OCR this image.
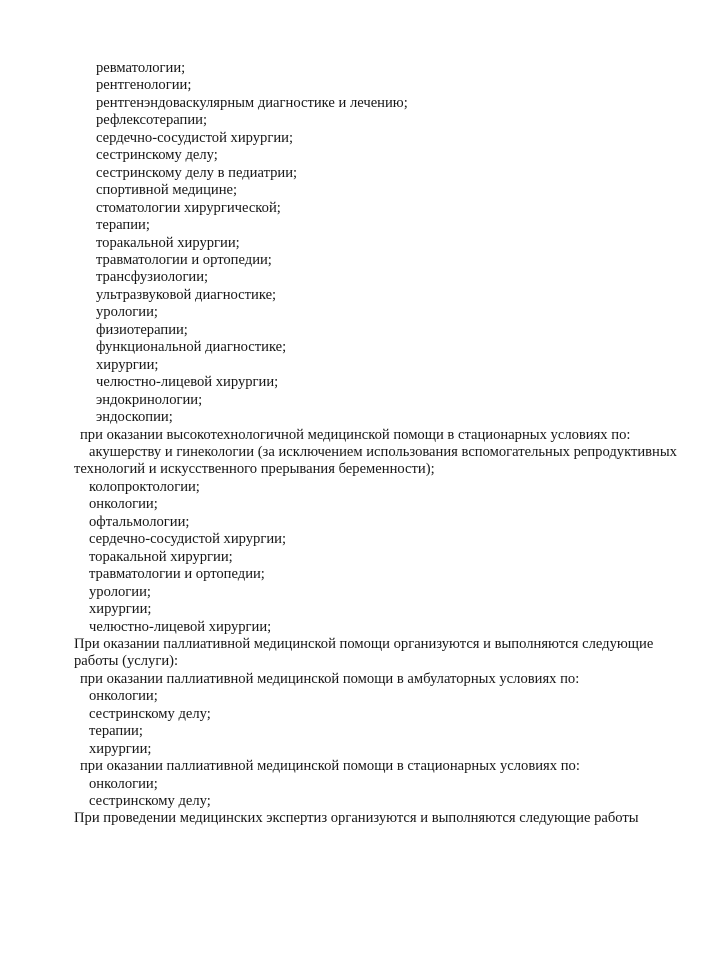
ревматологии;
рентгенологии;
рентгенэндоваскулярным диагностике и лечению;
рефлексотерапии;
сердечно-сосудистой хирургии;
сестринскому делу;
сестринскому делу в педиатрии;
спортивной медицине;
стоматологии хирургической;
терапии;
торакальной хирургии;
травматологии и ортопедии;
трансфузиологии;
ультразвуковой диагностике;
урологии;
физиотерапии;
функциональной диагностике;
хирургии;
челюстно-лицевой хирургии;
эндокринологии;
эндоскопии;
при оказании высокотехнологичной медицинской помощи в стационарных условиях по:
акушерству и гинекологии (за исключением использования вспомогательных репродуктивных
технологий и искусственного прерывания беременности);
колопроктологии;
онкологии;
офтальмологии;
сердечно-сосудистой хирургии;
торакальной хирургии;
травматологии и ортопедии;
урологии;
хирургии;
челюстно-лицевой хирургии;
При оказании паллиативной медицинской помощи организуются и выполняются следующие
работы (услуги):
при оказании паллиативной медицинской помощи в амбулаторных условиях по:
онкологии;
сестринскому делу;
терапии;
хирургии;
при оказании паллиативной медицинской помощи в стационарных условиях по:
онкологии;
сестринскому делу;
При проведении медицинских экспертиз организуются и выполняются следующие работы
